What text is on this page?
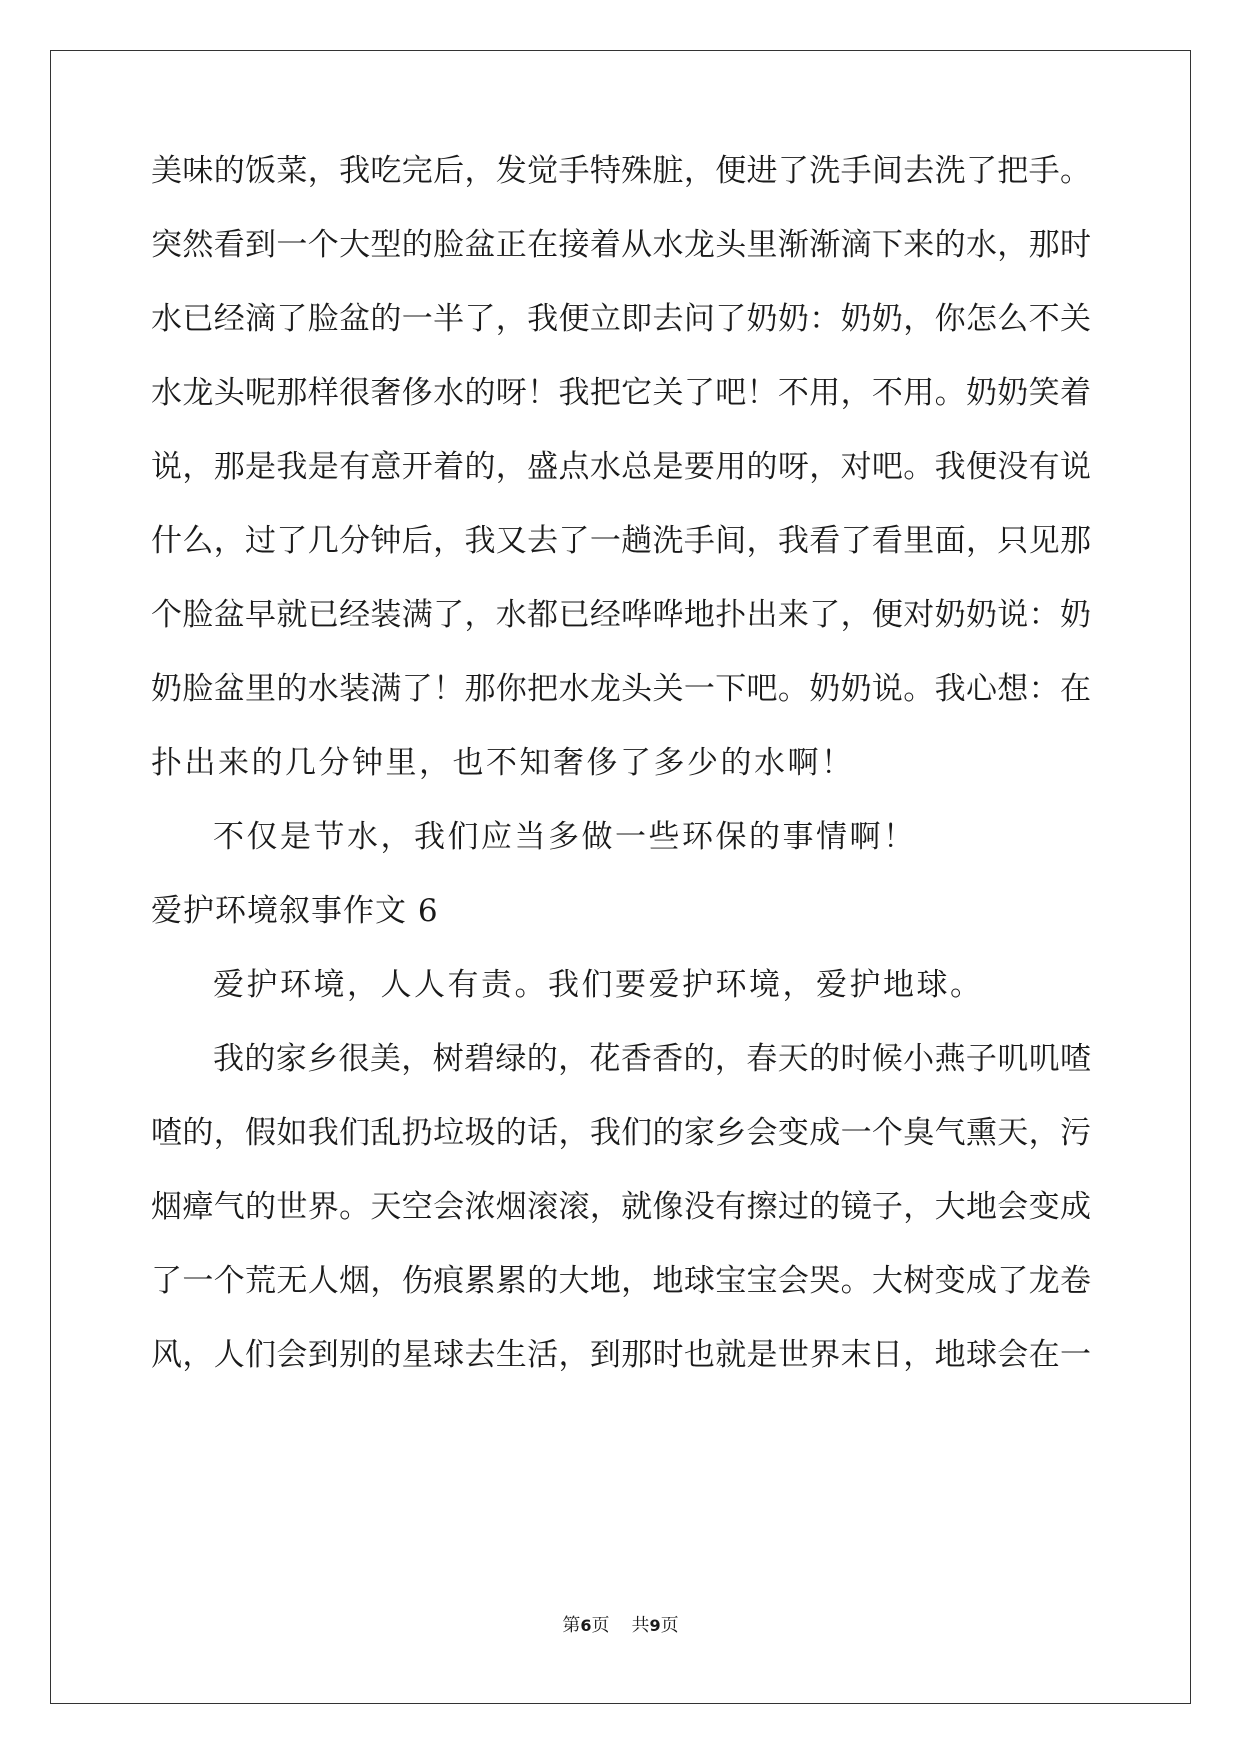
美味的饭菜，我吃完后，发觉手特殊脏，便进了洗手间去洗了把手。
突然看到一个大型的脸盆正在接着从水龙头里渐渐滴下来的水，那时
水已经滴了脸盆的一半了，我便立即去问了奶奶：奶奶，你怎么不关
水龙头呢那样很奢侈水的呀！我把它关了吧！不用，不用。奶奶笑着
说，那是我是有意开着的，盛点水总是要用的呀，对吧。我便没有说
什么，过了几分钟后，我又去了一趟洗手间，我看了看里面，只见那
个脸盆早就已经装满了，水都已经哗哗地扑出来了，便对奶奶说：奶
奶脸盆里的水装满了！那你把水龙头关一下吧。奶奶说。我心想：在
扑出来的几分钟里，也不知奢侈了多少的水啊！
不仅是节水，我们应当多做一些环保的事情啊！
爱护环境叙事作文 6
爱护环境，人人有责。我们要爱护环境，爱护地球。
我的家乡很美，树碧绿的，花香香的，春天的时候小燕子叽叽喳
喳的，假如我们乱扔垃圾的话，我们的家乡会变成一个臭气熏天，污
烟瘴气的世界。天空会浓烟滚滚，就像没有擦过的镜子，大地会变成
了一个荒无人烟，伤痕累累的大地，地球宝宝会哭。大树变成了龙卷
风，人们会到别的星球去生活，到那时也就是世界末日，地球会在一
第6页 共9页
